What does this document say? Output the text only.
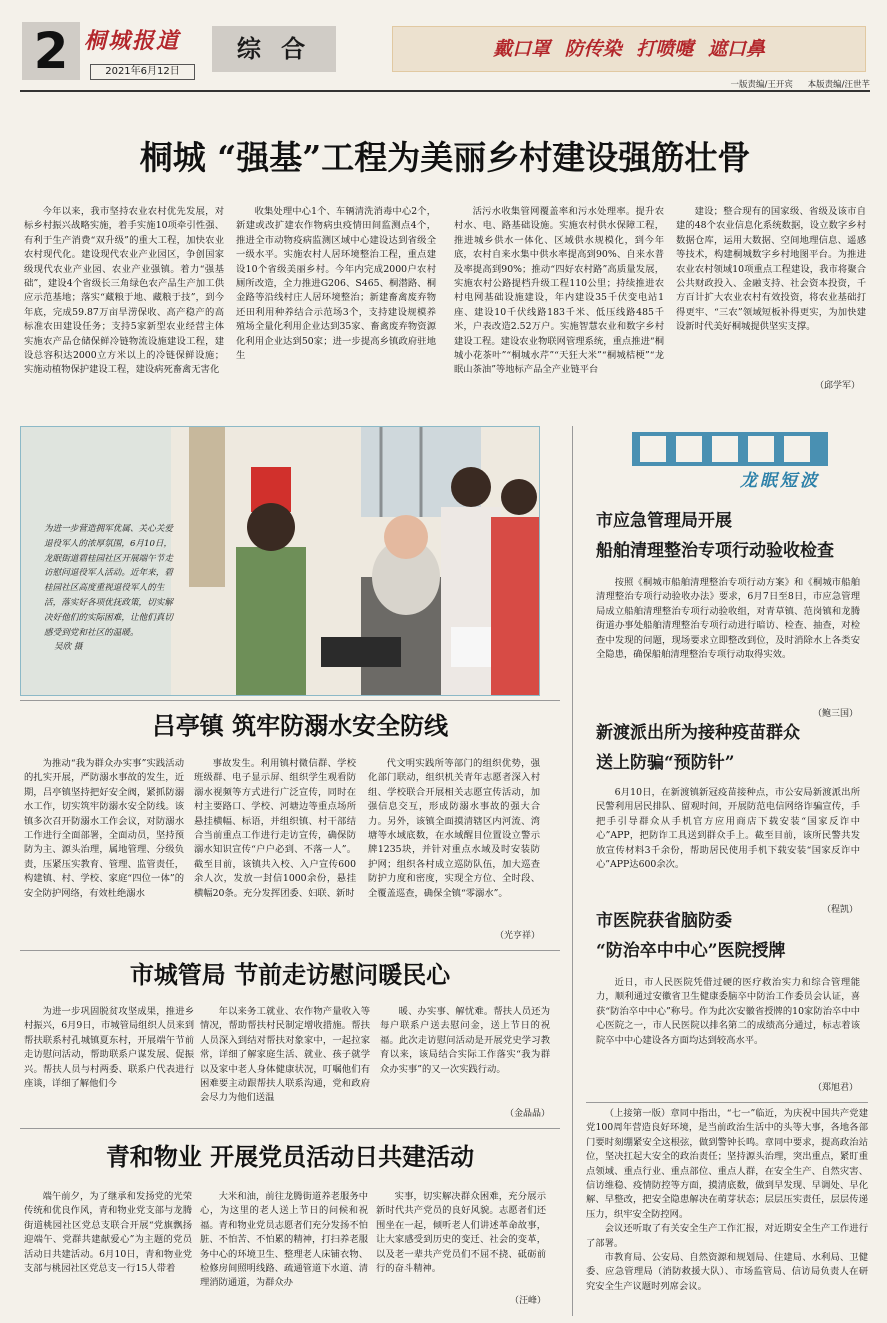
2 桐城报道
2021年6月12日
综 合	戴口罩 防传染 打喷嚏 遮口鼻
一版责编/王开宾 本版责编/汪世芊
桐城 “强基”工程为美丽乡村建设强筋壮骨

今年以来，我市坚持农业农村优先发展，对标乡村振兴战略实施，着手实施10项牵引性强、有利于生产消费“双升级”的重大工程，加快农业农村现代化。建设现代农业产业园区，争创国家级现代农业产业园、农业产业强镇。着力“强基础”，建设4个省级长三角绿色农产品生产加工供应示范基地；落实“藏粮于地、藏粮于技”，到今年底，完成59.87万亩旱涝保收、高产稳产的高标准农田建设任务；支持5家新型农业经营主体实施农产品仓储保鲜冷链物流设施建设工程，建设总容积达2000立方米以上的冷链保鲜设施；实施动植物保护建设工程，建设病死畜禽无害化

收集处理中心1个、车辆清洗消毒中心2个，新建或改扩建农作物病虫疫情田间监测点4个，推进全市动物疫病监测区域中心建设达到省级全一级水平。实施农村人居环境整治工程，重点建设10个省级美丽乡村。今年内完成2000户农村厕所改造，全力推进G206、S465、桐潜路、桐金路等沿线村庄人居环境整治；新建畜禽废弃物还田利用种养结合示范场3个，支持建设规模养殖场全量化利用企业达到35家、畜禽废弃物资源化利用企业达到50家；进一步提高乡镇政府驻地生

活污水收集管网覆盖率和污水处理率。提升农村水、电、路基础设施。实施农村供水保障工程，推进城乡供水一体化、区域供水规模化，到今年底，农村自来水集中供水率提高到90%、自来水普及率提高到90%；推动“四好农村路”高质量发展，实施农村公路提档升级工程110公里；持续推进农村电网基础设施建设，年内建设35千伏变电站1座、建设10千伏线路183千米、低压线路485千米，户表改造2.52万户。实施智慧农业和数字乡村建设工程。建设农业物联网管理系统，重点推进“桐城小花茶叶”“桐城水芹”“天狂大米”“桐城桔梗”“龙眠山茶油”等地标产品全产业链平台

建设；整合现有的国家级、省级及该市自建的48个农业信息化系统数据，设立数字乡村数据仓库，运用大数据、空间地理信息、遥感等技术，构建桐城数字乡村地图平台。为推进农业农村领域10项重点工程建设，我市将聚合公共财政投入、金融支持、社会资本投资，千方百计扩大农业农村有效投资，将农业基础打得更牢、“三农”领域短板补得更实，为加快建设新时代美好桐城提供坚实支撑。

（邱学军）
为进一步营造拥军优属、关心关爱退役军人的浓厚氛围，6月10日，龙眠街道碧桂园社区开展端午节走访慰问退役军人活动。近年来，碧桂园社区高度重视退役军人的生活，落实好各项优抚政策，切实解决好他们的实际困难，让他们真切感受到党和社区的温暖。 吴欣 摄
吕亭镇 筑牢防溺水安全防线

为推动“我为群众办实事”实践活动的扎实开展，严防溺水事故的发生，近期，吕亭镇坚持把好安全阀，紧抓防溺水工作，切实筑牢防溺水安全防线。该镇多次召开防溺水工作会议，对防溺水工作进行全面部署，全面动员，坚持预防为主、源头治理，属地管理、分级负责，压紧压实教育、管理、监管责任，构建镇、村、学校、家庭“四位一体”的安全防护网络，有效杜绝溺水

事故发生。利用镇村微信群、学校班级群、电子显示屏、组织学生观看防溺水视频等方式进行广泛宣传，同时在村主要路口、学校、河塘边等重点场所悬挂横幅、标语，并组织镇、村干部结合当前重点工作进行走访宣传，确保防溺水知识宣传“户户必到、不落一人”。截至目前，该镇共入校、入户宣传600余人次，发放一封信1000余份，悬挂横幅20条。充分发挥团委、妇联、新时

代文明实践所等部门的组织优势，强化部门联动，组织机关青年志愿者深入村组、学校联合开展相关志愿宣传活动，加强信息交互，形成防溺水事故的强大合力。另外，该镇全面摸清辖区内河流、湾塘等水域底数，在水域醒目位置设立警示牌1235块，并针对重点水域及时安装防护网；组织各村成立巡防队伍，加大巡查防护力度和密度，实现全方位、全时段、全覆盖巡查，确保全镇“零溺水”。

（光亨祥）
市城管局 节前走访慰问暖民心

为进一步巩固脱贫攻坚成果，推进乡村振兴，6月9日，市城管局组织人员来到帮扶联系村孔城镇夏东村，开展端午节前走访慰问活动，帮助联系户谋发展、促振兴。帮扶人员与村两委、联系户代表进行座谈，详细了解他们今

年以来务工就业、农作物产量收入等情况，帮助帮扶村民制定增收措施。帮扶人员深入到结对帮扶对象家中，一起拉家常，详细了解家庭生活、就业、孩子就学以及家中老人身体健康状况，叮嘱他们有困难要主动跟帮扶人联系沟通，党和政府会尽力为他们送温

暖、办实事、解忧难。帮扶人员还为每户联系户送去慰问金，送上节日的祝福。此次走访慰问活动是开展党史学习教育以来，该局结合实际工作落实“我为群众办实事”的又一次实践行动。

（金晶晶）
青和物业 开展党员活动日共建活动

端午前夕，为了继承和发扬党的光荣传统和优良作风，青和物业党支部与龙腾街道桃园社区党总支联合开展“党旗飘扬迎端午、党群共建献爱心”为主题的党员活动日共建活动。6月10日，青和物业党支部与桃园社区党总支一行15人带着

大米和油，前往龙腾街道养老服务中心，为这里的老人送上节日的问候和祝福。青和物业党员志愿者们充分发扬不怕脏、不怕苦、不怕累的精神，打扫养老服务中心的环境卫生、整理老人床铺衣物、检修房间照明线路、疏通管道下水道、清理消防通道，为群众办

实事，切实解决群众困难，充分展示新时代共产党员的良好风貌。志愿者们还围坐在一起，倾听老人们讲述革命故事，让大家感受到历史的变迁、社会的变革，以及老一辈共产党员们不屈不挠、砥砺前行的奋斗精神。

（汪峰）
龙眠短波
市应急管理局开展
船舶清理整治专项行动验收检查

按照《桐城市船舶清理整治专项行动方案》和《桐城市船舶清理整治专项行动验收办法》要求，6月7日至8日，市应急管理局成立船舶清理整治专项行动验收组，对青草镇、范岗镇和龙腾街道办事处船舶清理整治专项行动进行暗访、检查、抽查，对检查中发现的问题，现场要求立即整改到位，及时消除水上各类安全隐患，确保船舶清理整治专项行动取得实效。

（鲍三国）
新渡派出所为接种疫苗群众
送上防骗“预防针”

6月10日，在新渡镇新冠疫苗接种点，市公安局新渡派出所民警利用居民排队、留观时间，开展防范电信网络诈骗宣传，手把手引导群众从手机官方应用商店下载安装“国家反诈中心”APP，把防诈工具送到群众手上。截至目前，该所民警共发放宣传材料3千余份，帮助居民使用手机下载安装“国家反诈中心”APP达600余次。

（程凯）
市医院获省脑防委
“防治卒中中心”医院授牌

近日，市人民医院凭借过硬的医疗救治实力和综合管理能力，顺利通过安徽省卫生健康委脑卒中防治工作委员会认证，喜获“防治卒中中心”称号。作为此次安徽省授牌的10家防治卒中中心医院之一，市人民医院以排名第二的成绩高分通过，标志着该院卒中中心建设各方面均达到较高水平。

（郑旭君）

（上接第一版）章同中指出，“七一”临近，为庆祝中国共产党建党100周年营造良好环境，是当前政治生活中的头等大事，各地各部门要时刻绷紧安全这根弦，做到警钟长鸣。章同中要求，提高政治站位，坚决扛起大安全的政治责任；坚持源头治理，突出重点，紧盯重点领域、重点行业、重点部位、重点人群，在安全生产、自然灾害、信访维稳、疫情防控等方面，摸清底数，做到早发现、早调处、早化解、早整改，把安全隐患解决在萌芽状态；层层压实责任，层层传递压力，织牢安全防控网。

会议还听取了有关安全生产工作汇报，对近期安全生产工作进行了部署。

市教育局、公安局、自然资源和规划局、住建局、水利局、卫健委、应急管理局（消防救援大队）、市场监管局、信访局负责人在研究安全生产议题时列席会议。
